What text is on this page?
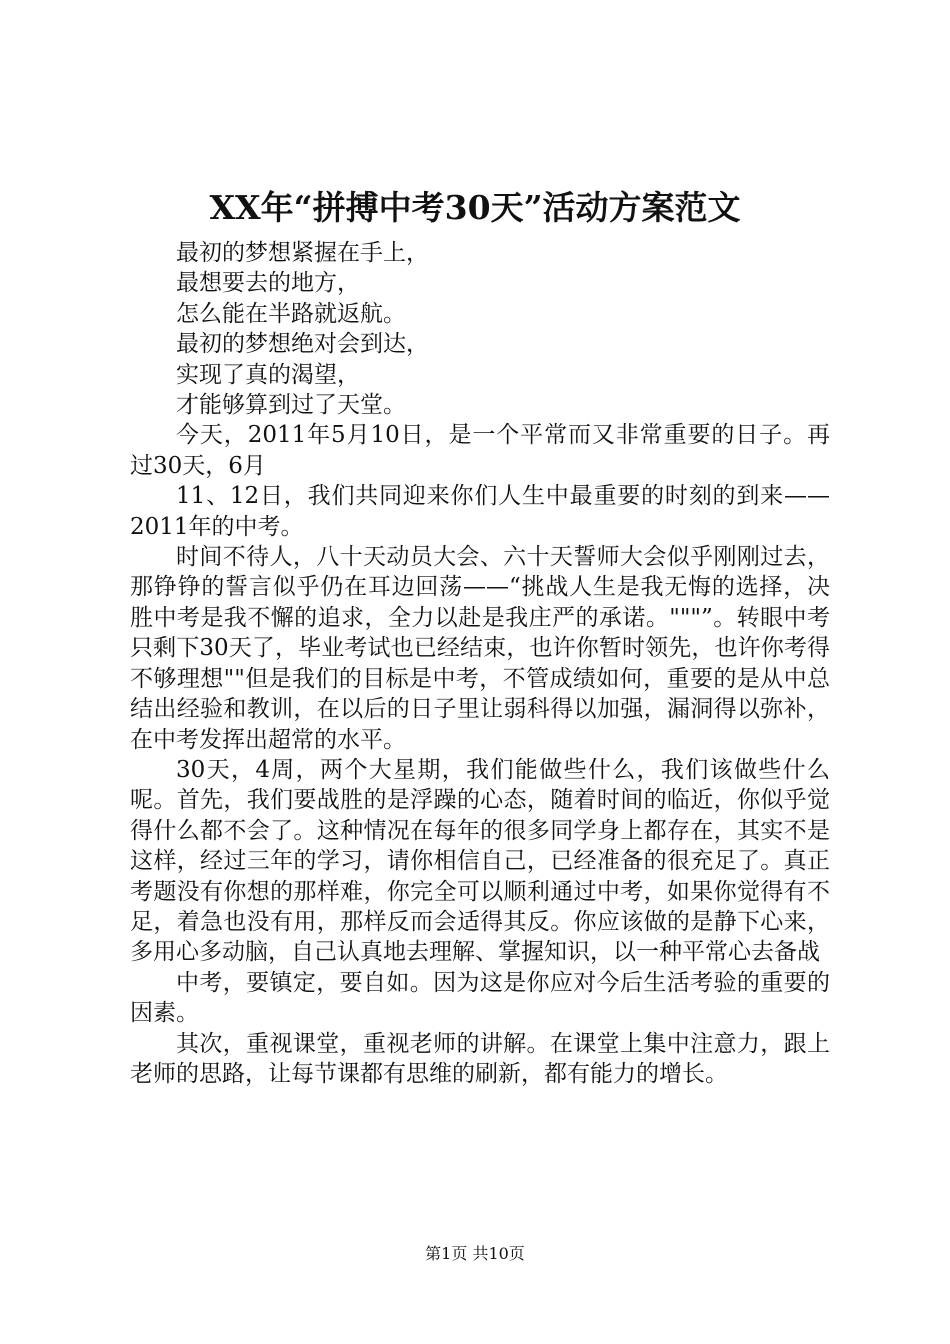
XX年“拼搏中考30天”活动方案范文

最初的梦想紧握在手上，

最想要去的地方，

怎么能在半路就返航。

最初的梦想绝对会到达，

实现了真的渴望，

才能够算到过了天堂。

今天，2011年5月10日，是一个平常而又非常重要的日子。再过30天，6月

11、12日，我们共同迎来你们人生中最重要的时刻的到来——2011年的中考。

时间不待人，八十天动员大会、六十天誓师大会似乎刚刚过去，那铮铮的誓言似乎仍在耳边回荡——“挑战人生是我无悔的选择，决胜中考是我不懈的追求，全力以赴是我庄严的承诺。"""”。转眼中考只剩下30天了，毕业考试也已经结束，也许你暂时领先，也许你考得不够理想""但是我们的目标是中考，不管成绩如何，重要的是从中总结出经验和教训，在以后的日子里让弱科得以加强，漏洞得以弥补，在中考发挥出超常的水平。

30天，4周，两个大星期，我们能做些什么，我们该做些什么呢。首先，我们要战胜的是浮躁的心态，随着时间的临近，你似乎觉得什么都不会了。这种情况在每年的很多同学身上都存在，其实不是这样，经过三年的学习，请你相信自己，已经准备的很充足了。真正考题没有你想的那样难，你完全可以顺利通过中考，如果你觉得有不足，着急也没有用，那样反而会适得其反。你应该做的是静下心来，多用心多动脑，自己认真地去理解、掌握知识，以一种平常心去备战

中考，要镇定，要自如。因为这是你应对今后生活考验的重要的因素。

其次，重视课堂，重视老师的讲解。在课堂上集中注意力，跟上老师的思路，让每节课都有思维的刷新，都有能力的增长。

第1页 共10页
